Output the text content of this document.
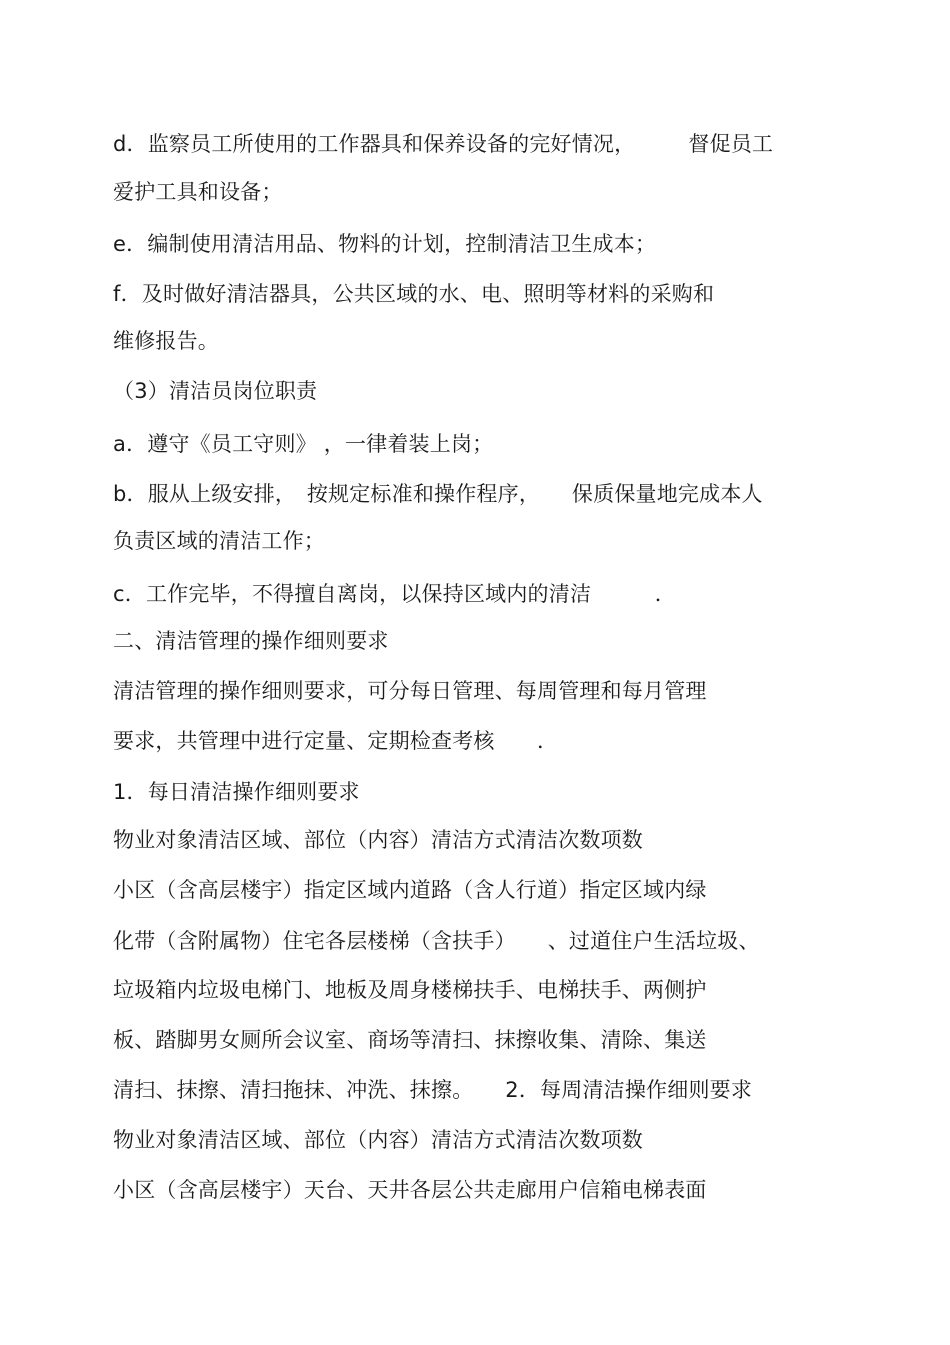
d．监察员工所使用的工作器具和保养设备的完好情况，　　　督促员工
爱护工具和设备；
e．编制使用清洁用品、物料的计划，控制清洁卫生成本；
f．及时做好清洁器具，公共区域的水、电、照明等材料的采购和
维修报告。
（3）清洁员岗位职责
a．遵守《员工守则》 ，一律着装上岗；
b．服从上级安排，　按规定标准和操作程序，　　保质保量地完成本人
负责区域的清洁工作；
c．工作完毕，不得擅自离岗，以保持区域内的清洁　　　．
二、清洁管理的操作细则要求
清洁管理的操作细则要求，可分每日管理、每周管理和每月管理
要求，共管理中进行定量、定期检查考核　　．
1．每日清洁操作细则要求
物业对象清洁区域、部位（内容）清洁方式清洁次数项数
小区（含高层楼宇）指定区域内道路（含人行道）指定区域内绿
化带（含附属物）住宅各层楼梯（含扶手）　　、过道住户生活垃圾、
垃圾箱内垃圾电梯门、地板及周身楼梯扶手、电梯扶手、两侧护
板、踏脚男女厕所会议室、商场等清扫、抹擦收集、清除、集送
清扫、抹擦、清扫拖抹、冲洗、抹擦。　　2．每周清洁操作细则要求
物业对象清洁区域、部位（内容）清洁方式清洁次数项数
小区（含高层楼宇）天台、天井各层公共走廊用户信箱电梯表面
